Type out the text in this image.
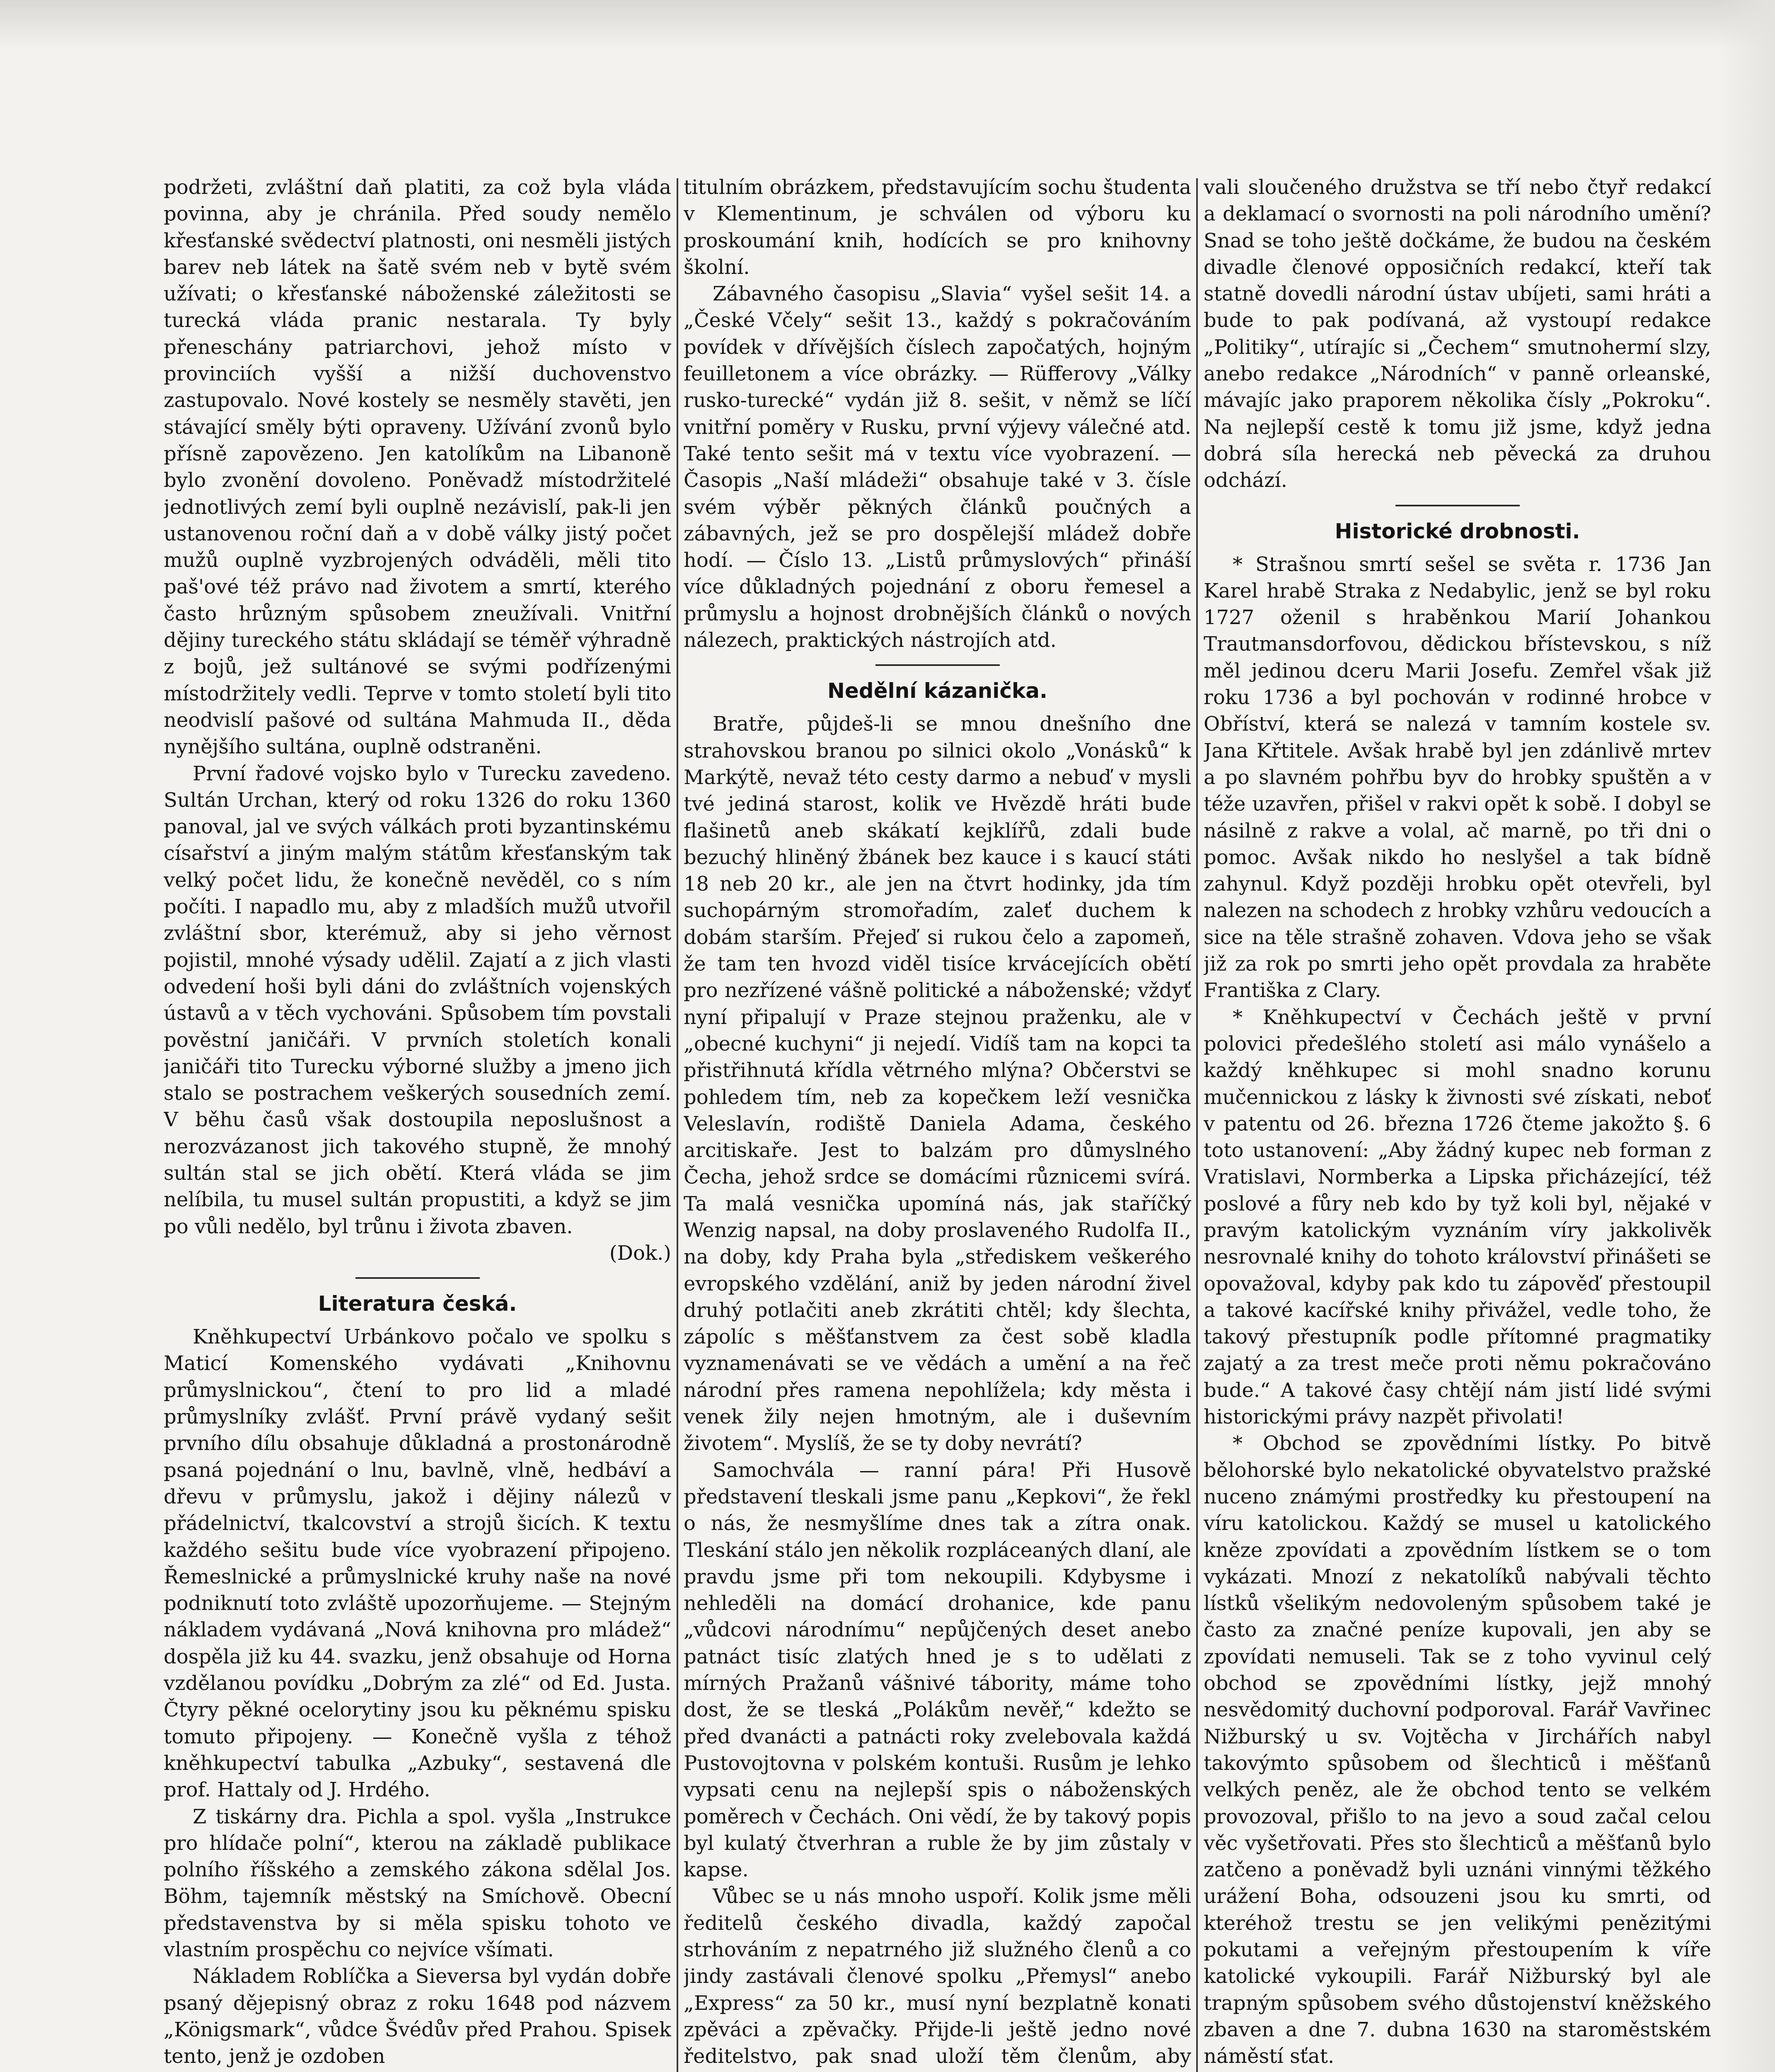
podržeti, zvláštní daň platiti, za což byla vláda povinna, aby je chránila. Před soudy nemělo křesťanské svědectví platnosti, oni nesměli jistých barev neb látek na šatě svém neb v bytě svém užívati; o křesťanské náboženské záležitosti se turecká vláda pranic nestarala. Ty byly přeneschány patriarchovi, jehož místo v provinciích vyšší a nižší duchovenstvo zastupovalo. Nové kostely se nesměly stavěti, jen stávající směly býti opraveny. Užívání zvonů bylo přísně zapovězeno. Jen katolíkům na Libanoně bylo zvonění dovoleno. Poněvadž místodržitelé jednotlivých zemí byli ouplně nezávislí, pak-li jen ustanovenou roční daň a v době války jistý počet mužů ouplně vyzbrojených odváděli, měli tito paš'ové též právo nad životem a smrtí, kterého často hrůzným spůsobem zneužívali. Vnitřní dějiny tureckého státu skládají se téměř výhradně z bojů, jež sultánové se svými podřízenými místodržitely vedli. Teprve v tomto století byli tito neodvislí pašové od sultána Mahmuda II., děda nynějšího sultána, ouplně odstraněni.

První řadové vojsko bylo v Turecku zavedeno. Sultán Urchan, který od roku 1326 do roku 1360 panoval, jal ve svých válkách proti byzantinskému císařství a jiným malým státům křesťanským tak velký počet lidu, že konečně nevěděl, co s ním počíti. I napadlo mu, aby z mladších mužů utvořil zvláštní sbor, kterémuž, aby si jeho věrnost pojistil, mnohé výsady udělil. Zajatí a z jich vlasti odvedení hoši byli dáni do zvláštních vojenských ústavů a v těch vychováni. Spůsobem tím povstali pověstní janičáři. V prvních stoletích konali janičáři tito Turecku výborné služby a jmeno jich stalo se postrachem veškerých sousedních zemí. V běhu časů však dostoupila neposlušnost a nerozvázanost jich takového stupně, že mnohý sultán stal se jich obětí. Která vláda se jim nelíbila, tu musel sultán propustiti, a když se jim po vůli nedělo, byl trůnu i života zbaven.

(Dok.)
Literatura česká.

Kněhkupectví Urbánkovo počalo ve spolku s Maticí Komenského vydávati „Knihovnu průmyslnickou“, čtení to pro lid a mladé průmyslníky zvlášť. První právě vydaný sešit prvního dílu obsahuje důkladná a prostonárodně psaná pojednání o lnu, bavlně, vlně, hedbáví a dřevu v průmyslu, jakož i dějiny nálezů v přádelnictví, tkalcovství a strojů šicích. K textu každého sešitu bude více vyobrazení připojeno. Řemeslnické a průmyslnické kruhy naše na nové podniknutí toto zvláště upozorňujeme. — Stejným nákladem vydávaná „Nová knihovna pro mládež“ dospěla již ku 44. svazku, jenž obsahuje od Horna vzdělanou povídku „Dobrým za zlé“ od Ed. Justa. Čtyry pěkné ocelorytiny jsou ku pěknému spisku tomuto připojeny. — Konečně vyšla z téhož kněhkupectví tabulka „Azbuky“, sestavená dle prof. Hattaly od J. Hrdého.

Z tiskárny dra. Pichla a spol. vyšla „Instrukce pro hlídače polní“, kterou na základě publikace polního říšského a zemského zákona sdělal Jos. Böhm, tajemník městský na Smíchově. Obecní představenstva by si měla spisku tohoto ve vlastním prospěchu co nejvíce všímati.

Nákladem Roblíčka a Sieversa byl vydán dobře psaný dějepisný obraz z roku 1648 pod názvem „Königsmark“, vůdce Švédův před Prahou. Spisek tento, jenž je ozdoben

titulním obrázkem, představujícím sochu študenta v Klementinum, je schválen od výboru ku proskoumání knih, hodících se pro knihovny školní.

Zábavného časopisu „Slavia“ vyšel sešit 14. a „České Včely“ sešit 13., každý s pokračováním povídek v dřívějších číslech započatých, hojným feuilletonem a více obrázky. — Rüfferovy „Války rusko-turecké“ vydán již 8. sešit, v němž se líčí vnitřní poměry v Rusku, první výjevy válečné atd. Také tento sešit má v textu více vyobrazení. — Časopis „Naší mládeži“ obsahuje také v 3. čísle svém výběr pěkných článků poučných a zábavných, jež se pro dospělejší mládež dobře hodí. — Číslo 13. „Listů průmyslových“ přináší více důkladných pojednání z oboru řemesel a průmyslu a hojnost drobnějších článků o nových nálezech, praktických nástrojích atd.

Nedělní kázanička.

Bratře, půjdeš-li se mnou dnešního dne strahovskou branou po silnici okolo „Vonásků“ k Markýtě, nevaž této cesty darmo a nebuď v mysli tvé jediná starost, kolik ve Hvězdě hráti bude flašinetů aneb skákatí kejklířů, zdali bude bezuchý hliněný žbánek bez kauce i s kaucí státi 18 neb 20 kr., ale jen na čtvrt hodinky, jda tím suchopárným stromořadím, zaleť duchem k dobám starším. Přejeď si rukou čelo a zapomeň, že tam ten hvozd viděl tisíce krvácejících obětí pro nezřízené vášně politické a náboženské; vždyť nyní připalují v Praze stejnou praženku, ale v „obecné kuchyni“ ji nejedí. Vidíš tam na kopci ta přistřihnutá křídla větrného mlýna? Občerstvi se pohledem tím, neb za kopečkem leží vesnička Veleslavín, rodiště Daniela Adama, českého arcitiskaře. Jest to balzám pro důmyslného Čecha, jehož srdce se domácími různicemi svírá. Ta malá vesnička upomíná nás, jak staříčký Wenzig napsal, na doby proslaveného Rudolfa II., na doby, kdy Praha byla „střediskem veškerého evropského vzdělání, aniž by jeden národní živel druhý potlačiti aneb zkrátiti chtěl; kdy šlechta, zápolíc s měšťanstvem za čest sobě kladla vyznamenávati se ve vědách a umění a na řeč národní přes ramena nepohlížela; kdy města i venek žily nejen hmotným, ale i duševním životem“. Myslíš, že se ty doby nevrátí?

Samochvála — ranní pára! Při Husově představení tleskali jsme panu „Kepkovi“, že řekl o nás, že nesmyšlíme dnes tak a zítra onak. Tleskání stálo jen několik rozpláceaných dlaní, ale pravdu jsme při tom nekoupili. Kdybysme i nehleděli na domácí drohanice, kde panu „vůdcovi národnímu“ nepůjčených deset anebo patnáct tisíc zlatých hned je s to udělati z mírných Pražanů vášnivé tábority, máme toho dost, že se tleská „Polákům nevěř,“ kdežto se před dvanácti a patnácti roky zvelebovala každá Pustovojtovna v polském kontuši. Rusům je lehko vypsati cenu na nejlepší spis o náboženských poměrech v Čechách. Oni vědí, že by takový popis byl kulatý čtverhran a ruble že by jim zůstaly v kapse.

Vůbec se u nás mnoho uspoří. Kolik jsme měli ředitelů českého divadla, každý započal strhováním z nepatrného již služného členů a co jindy zastávali členové spolku „Přemysl“ anebo „Express“ za 50 kr., musí nyní bezplatně konati zpěváci a zpěvačky. Přijde-li ještě jedno nové ředitelstvo, pak snad uloží těm členům, aby

vali sloučeného družstva se tří nebo čtyř redakcí a deklamací o svornosti na poli národního umění? Snad se toho ještě dočkáme, že budou na českém divadle členové opposičních redakcí, kteří tak statně dovedli národní ústav ubíjeti, sami hráti a bude to pak podívaná, až vystoupí redakce „Politiky“, utírajíc si „Čechem“ smutnohermí slzy, anebo redakce „Národních“ v panně orleanské, mávajíc jako praporem několika čísly „Pokroku“. Na nejlepší cestě k tomu již jsme, když jedna dobrá síla herecká neb pěvecká za druhou odchází.

Historické drobnosti.

* Strašnou smrtí sešel se světa r. 1736 Jan Karel hrabě Straka z Nedabylic, jenž se byl roku 1727 oženil s hraběnkou Marií Johankou Trautmansdorfovou, dědickou břístevskou, s níž měl jedinou dceru Marii Josefu. Zemřel však již roku 1736 a byl pochován v rodinné hrobce v Obříství, která se nalezá v tamním kostele sv. Jana Křtitele. Avšak hrabě byl jen zdánlivě mrtev a po slavném pohřbu byv do hrobky spuštěn a v téže uzavřen, přišel v rakvi opět k sobě. I dobyl se násilně z rakve a volal, ač marně, po tři dni o pomoc. Avšak nikdo ho neslyšel a tak bídně zahynul. Když později hrobku opět otevřeli, byl nalezen na schodech z hrobky vzhůru vedoucích a sice na těle strašně zohaven. Vdova jeho se však již za rok po smrti jeho opět provdala za hraběte Františka z Clary.

* Kněhkupectví v Čechách ještě v první polovici předešlého století asi málo vynášelo a každý kněhkupec si mohl snadno korunu mučennickou z lásky k živnosti své získati, neboť v patentu od 26. března 1726 čteme jakožto §. 6 toto ustanovení: „Aby žádný kupec neb forman z Vratislavi, Normberka a Lipska přicházející, též poslové a fůry neb kdo by tyž koli byl, nějaké v pravým katolickým vyznáním víry jakkolivěk nesrovnalé knihy do tohoto království přinášeti se opovažoval, kdyby pak kdo tu zápověď přestoupil a takové kacířské knihy přivážel, vedle toho, že takový přestupník podle přítomné pragmatiky zajatý a za trest meče proti němu pokračováno bude.“ A takové časy chtějí nám jistí lidé svými historickými právy nazpět přivolati!

* Obchod se zpovědními lístky. Po bitvě bělohorské bylo nekatolické obyvatelstvo pražské nuceno známými prostředky ku přestoupení na víru katolickou. Každý se musel u katolického kněze zpovídati a zpovědním lístkem se o tom vykázati. Mnozí z nekatolíků nabývali těchto lístků všelikým nedovoleným spůsobem také je často za značné peníze kupovali, jen aby se zpovídati nemuseli. Tak se z toho vyvinul celý obchod se zpovědními lístky, jejž mnohý nesvědomitý duchovní podporoval. Farář Vavřinec Nižburský u sv. Vojtěcha v Jirchářích nabyl takovýmto spůsobem od šlechticů i měšťanů velkých peněz, ale že obchod tento se velkém provozoval, přišlo to na jevo a soud začal celou věc vyšetřovati. Přes sto šlechticů a měšťanů bylo zatčeno a poněvadž byli uznáni vinnými těžkého urážení Boha, odsouzeni jsou ku smrti, od kteréhož trestu se jen velikými penězitými pokutami a veřejným přestoupením k víře katolické vykoupili. Farář Nižburský byl ale trapným spůsobem svého důstojenství kněžského zbaven a dne 7. dubna 1630 na staroměstském náměstí sťat.
